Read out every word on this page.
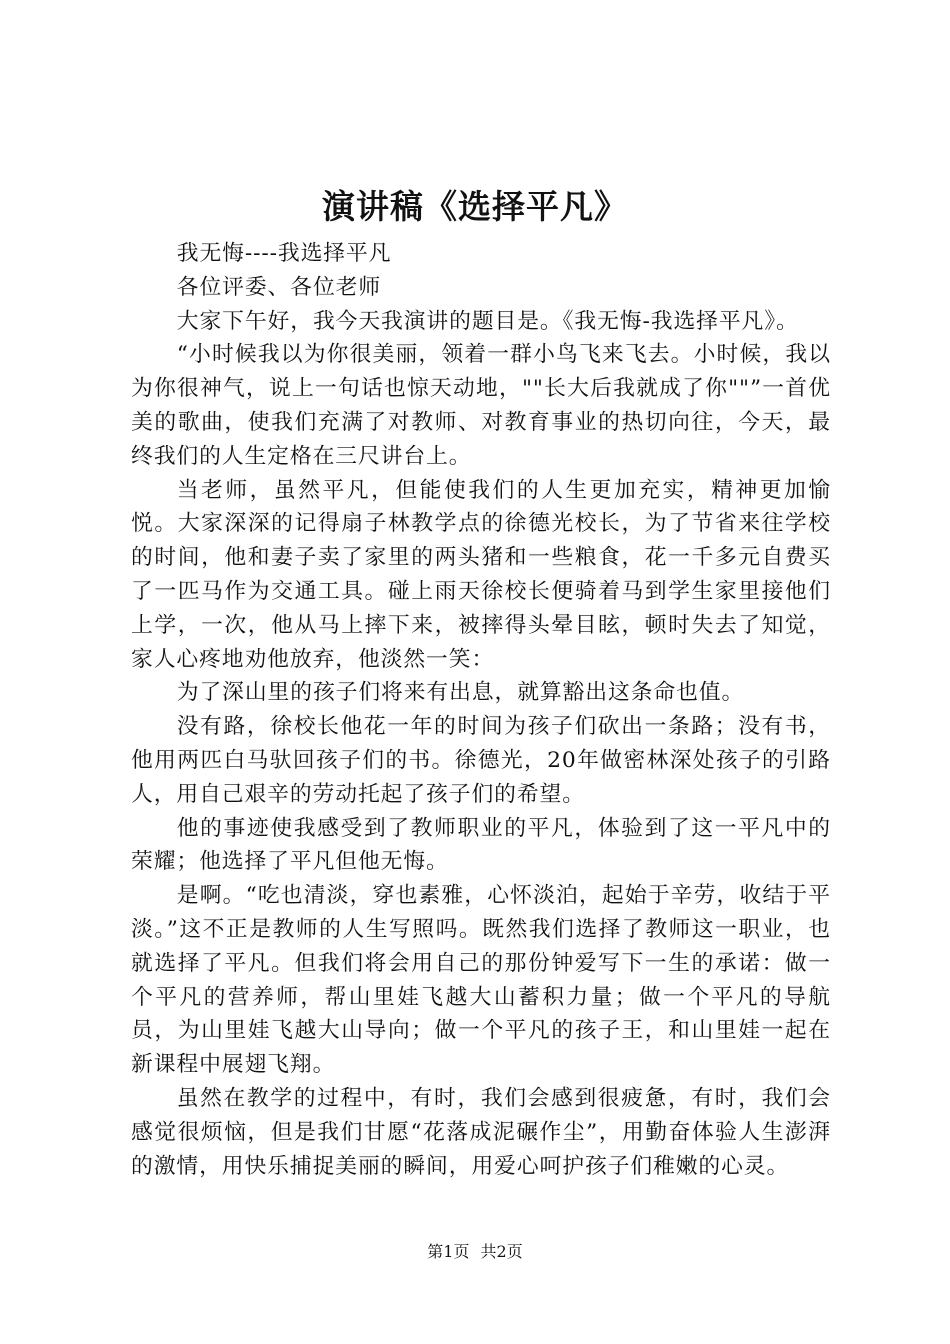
演讲稿《选择平凡》

我无悔----我选择平凡

各位评委、各位老师

大家下午好，我今天我演讲的题目是。《我无悔-我选择平凡》。

“小时候我以为你很美丽，领着一群小鸟飞来飞去。小时候，我以为你很神气，说上一句话也惊天动地，""长大后我就成了你""”一首优美的歌曲，使我们充满了对教师、对教育事业的热切向往，今天，最终我们的人生定格在三尺讲台上。

当老师，虽然平凡，但能使我们的人生更加充实，精神更加愉悦。大家深深的记得扇子林教学点的徐德光校长，为了节省来往学校的时间，他和妻子卖了家里的两头猪和一些粮食，花一千多元自费买了一匹马作为交通工具。碰上雨天徐校长便骑着马到学生家里接他们上学，一次，他从马上摔下来，被摔得头晕目眩，顿时失去了知觉，家人心疼地劝他放弃，他淡然一笑：

为了深山里的孩子们将来有出息，就算豁出这条命也值。

没有路，徐校长他花一年的时间为孩子们砍出一条路；没有书，他用两匹白马驮回孩子们的书。徐德光，20年做密林深处孩子的引路人，用自己艰辛的劳动托起了孩子们的希望。

他的事迹使我感受到了教师职业的平凡，体验到了这一平凡中的荣耀；他选择了平凡但他无悔。

是啊。“吃也清淡，穿也素雅，心怀淡泊，起始于辛劳，收结于平淡。”这不正是教师的人生写照吗。既然我们选择了教师这一职业，也就选择了平凡。但我们将会用自己的那份钟爱写下一生的承诺：做一个平凡的营养师，帮山里娃飞越大山蓄积力量；做一个平凡的导航员，为山里娃飞越大山导向；做一个平凡的孩子王，和山里娃一起在新课程中展翅飞翔。

虽然在教学的过程中，有时，我们会感到很疲惫，有时，我们会感觉很烦恼，但是我们甘愿“花落成泥碾作尘”，用勤奋体验人生澎湃的激情，用快乐捕捉美丽的瞬间，用爱心呵护孩子们稚嫩的心灵。

第1页 共2页
